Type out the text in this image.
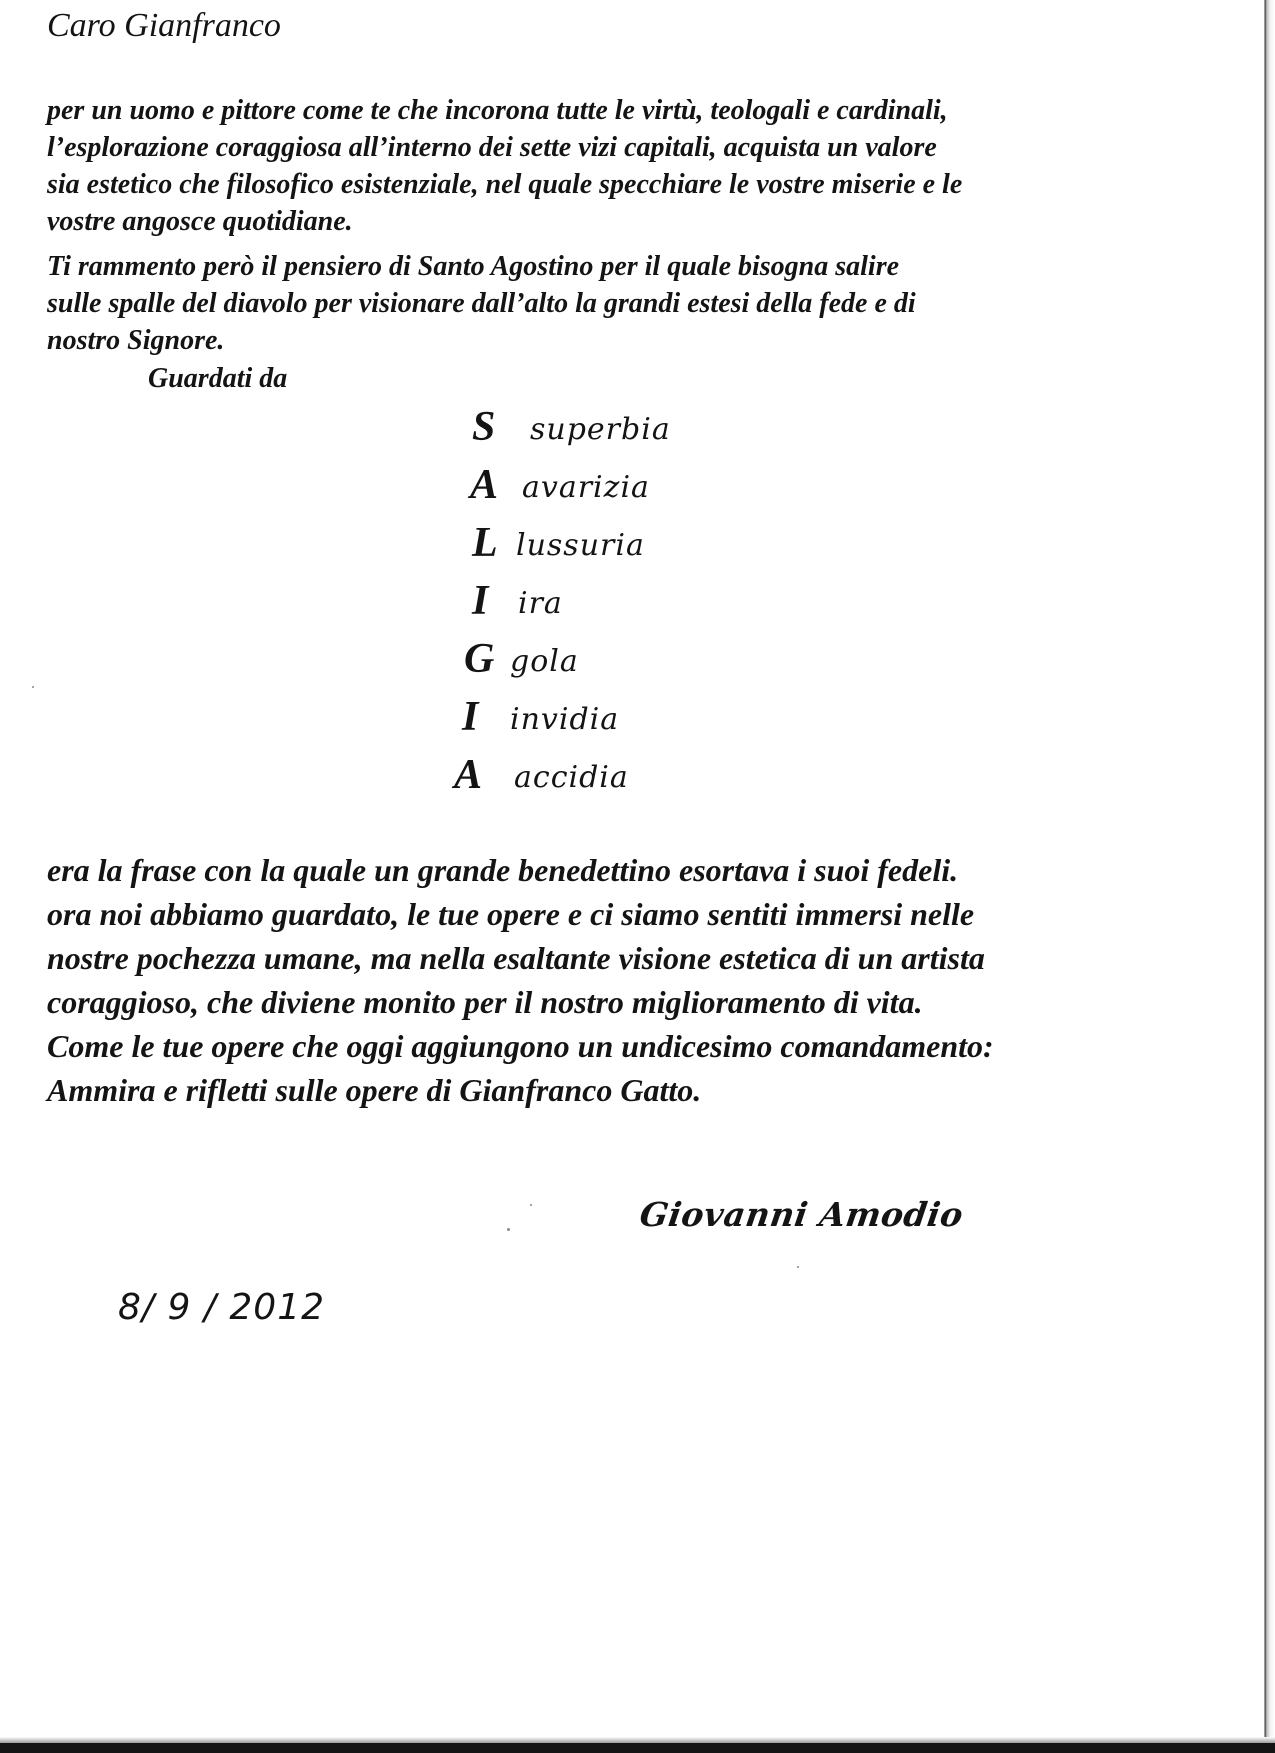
Caro Gianfranco
per un uomo e pittore come te che incorona tutte le virtù, teologali e cardinali,
l’esplorazione coraggiosa all’interno dei sette vizi capitali, acquista un valore
sia estetico che filosofico esistenziale, nel quale specchiare le vostre miserie e le
vostre angosce quotidiane.
Ti rammento però il pensiero di Santo Agostino per il quale bisogna salire
sulle spalle del diavolo per visionare dall’alto la grandi estesi della fede e di
nostro Signore.
Guardati da
S superbia
A avarizia
L lussuria
I ira
G gola
I invidia
A accidia
era la frase con la quale un grande benedettino esortava i suoi fedeli.
ora noi abbiamo guardato, le tue opere e ci siamo sentiti immersi nelle
nostre pochezza umane, ma nella esaltante visione estetica di un artista
coraggioso, che diviene monito per il nostro miglioramento di vita.
Come le tue opere che oggi aggiungono un undicesimo comandamento:
Ammira e rifletti sulle opere di Gianfranco Gatto.
Giovanni Amodio
8/ 9 / 2012
